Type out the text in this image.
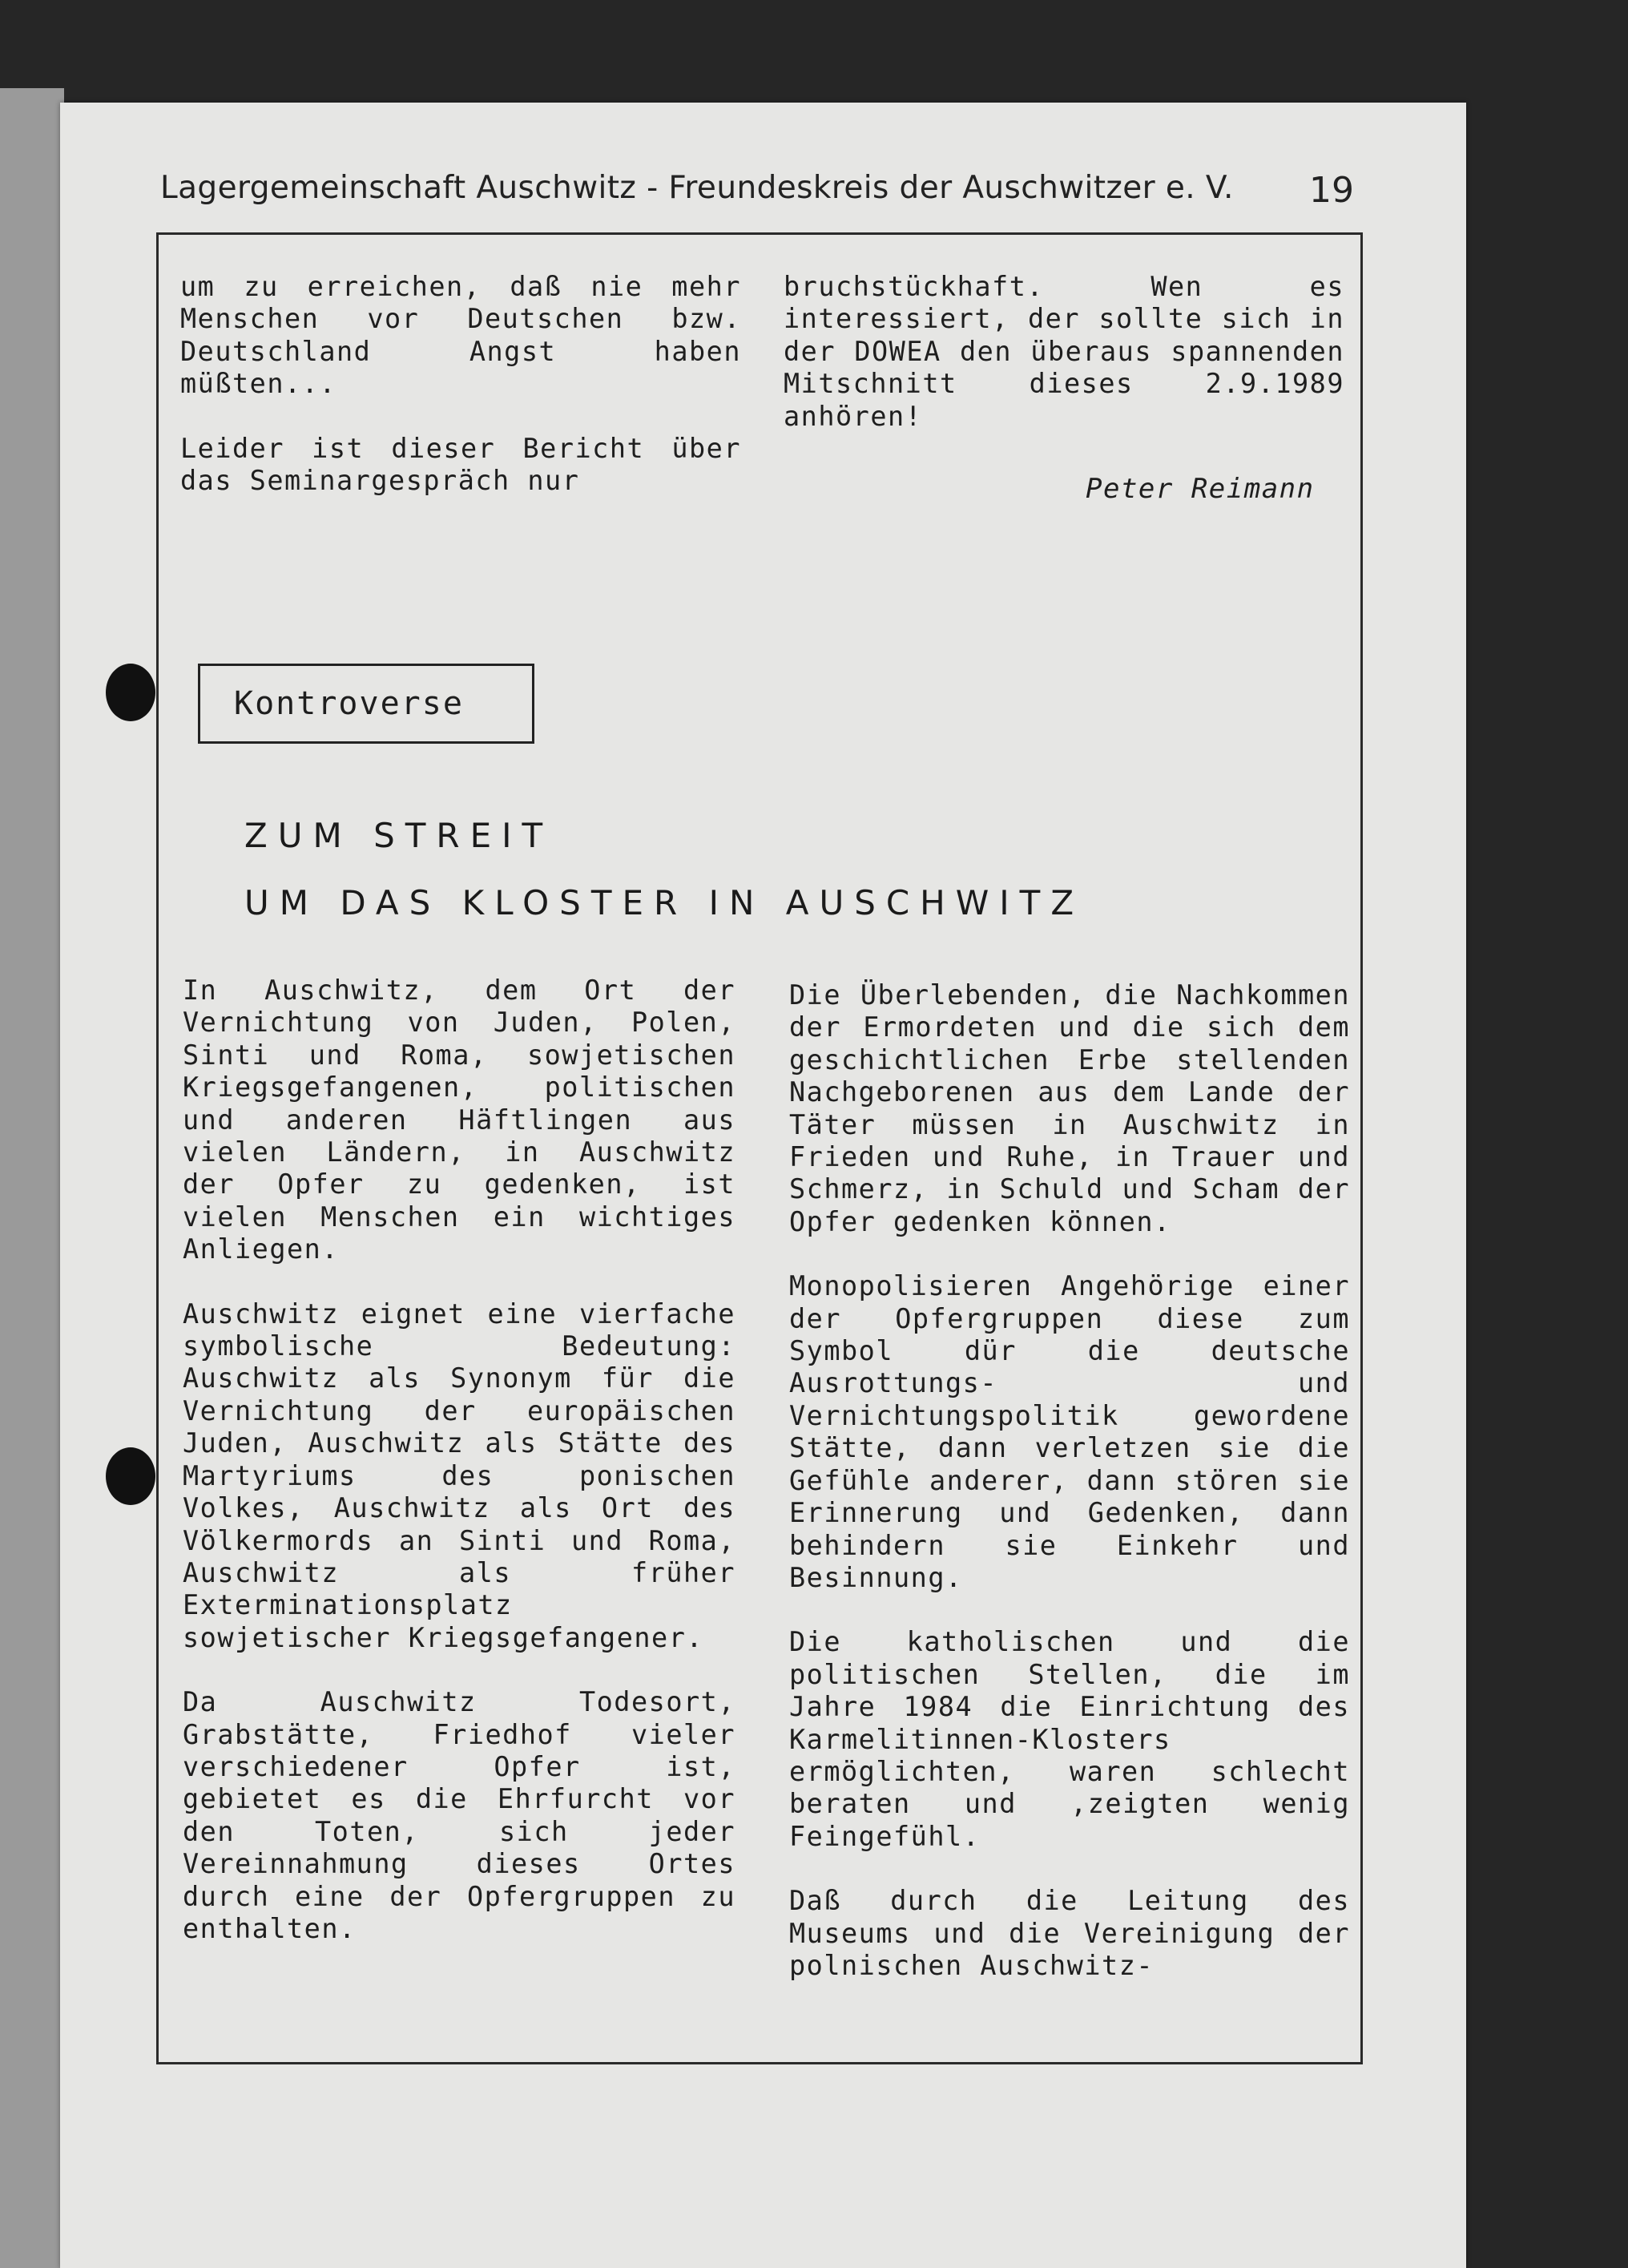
Lagergemeinschaft Auschwitz - Freundeskreis der Auschwitzer e. V. 19

um zu erreichen, daß nie mehr Menschen vor Deutschen bzw. Deutschland Angst haben müßten...

Leider ist dieser Bericht über das Seminargespräch nur

bruchstückhaft. Wen es interessiert, der sollte sich in der DOWEA den überaus spannenden Mitschnitt dieses 2.9.1989 anhören!

Peter Reimann
Kontroverse
ZUM STREIT
UM DAS KLOSTER IN AUSCHWITZ

In Auschwitz, dem Ort der Vernichtung von Juden, Polen, Sinti und Roma, sowjetischen Kriegsgefangenen, politischen und anderen Häftlingen aus vielen Ländern, in Auschwitz der Opfer zu gedenken, ist vielen Menschen ein wichtiges Anliegen.

Auschwitz eignet eine vierfache symbolische Bedeutung: Auschwitz als Synonym für die Vernichtung der europäischen Juden, Auschwitz als Stätte des Martyriums des ponischen Volkes, Auschwitz als Ort des Völkermords an Sinti und Roma, Auschwitz als früher Exterminationsplatz sowjetischer Kriegsgefangener.

Da Auschwitz Todesort, Grabstätte, Friedhof vieler verschiedener Opfer ist, gebietet es die Ehrfurcht vor den Toten, sich jeder Vereinnahmung dieses Ortes durch eine der Opfergruppen zu enthalten.

Die Überlebenden, die Nachkommen der Ermordeten und die sich dem geschichtlichen Erbe stellenden Nachgeborenen aus dem Lande der Täter müssen in Auschwitz in Frieden und Ruhe, in Trauer und Schmerz, in Schuld und Scham der Opfer gedenken können.

Monopolisieren Angehörige einer der Opfergruppen diese zum Symbol dür die deutsche Ausrottungs- und Vernichtungspolitik gewordene Stätte, dann verletzen sie die Gefühle anderer, dann stören sie Erinnerung und Gedenken, dann behindern sie Einkehr und Besinnung.

Die katholischen und die politischen Stellen, die im Jahre 1984 die Einrichtung des Karmelitinnen-Klosters ermöglichten, waren schlecht beraten und ,zeigten wenig Feingefühl.

Daß durch die Leitung des Museums und die Vereinigung der polnischen Auschwitz-
